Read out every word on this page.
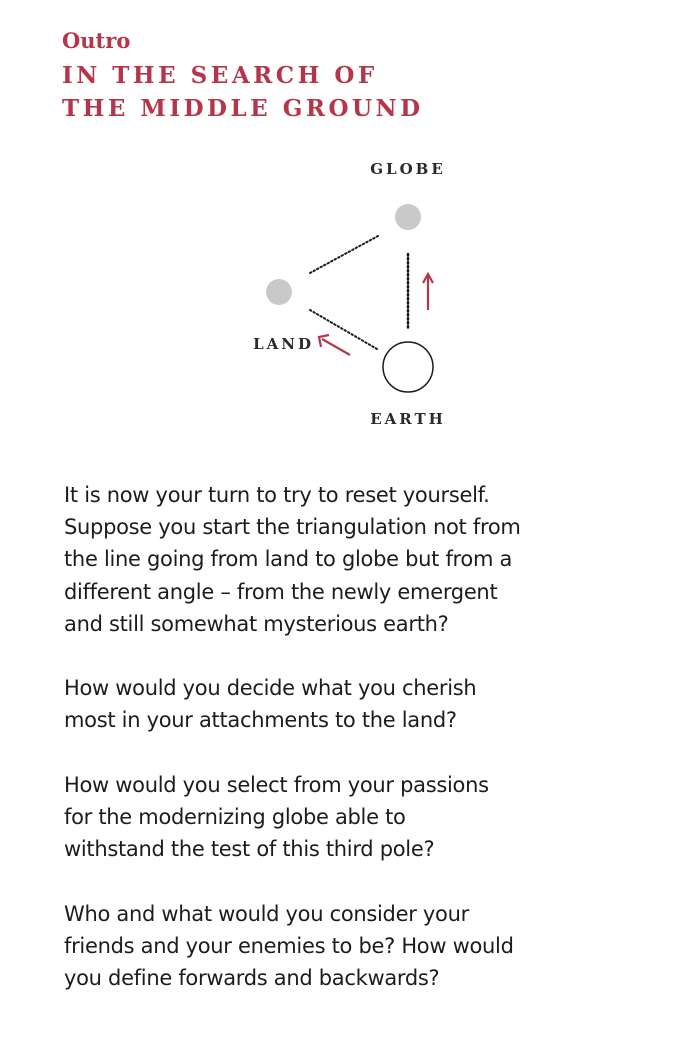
Outro
IN THE SEARCH OF
THE MIDDLE GROUND
GLOBE
LAND
EARTH

It is now your turn to try to reset yourself.
Suppose you start the triangulation not from
the line going from land to globe but from a
different angle – from the newly emergent
and still somewhat mysterious earth?

How would you decide what you cherish
most in your attachments to the land?

How would you select from your passions
for the modernizing globe able to
withstand the test of this third pole?

Who and what would you consider your
friends and your enemies to be? How would
you define forwards and backwards?
